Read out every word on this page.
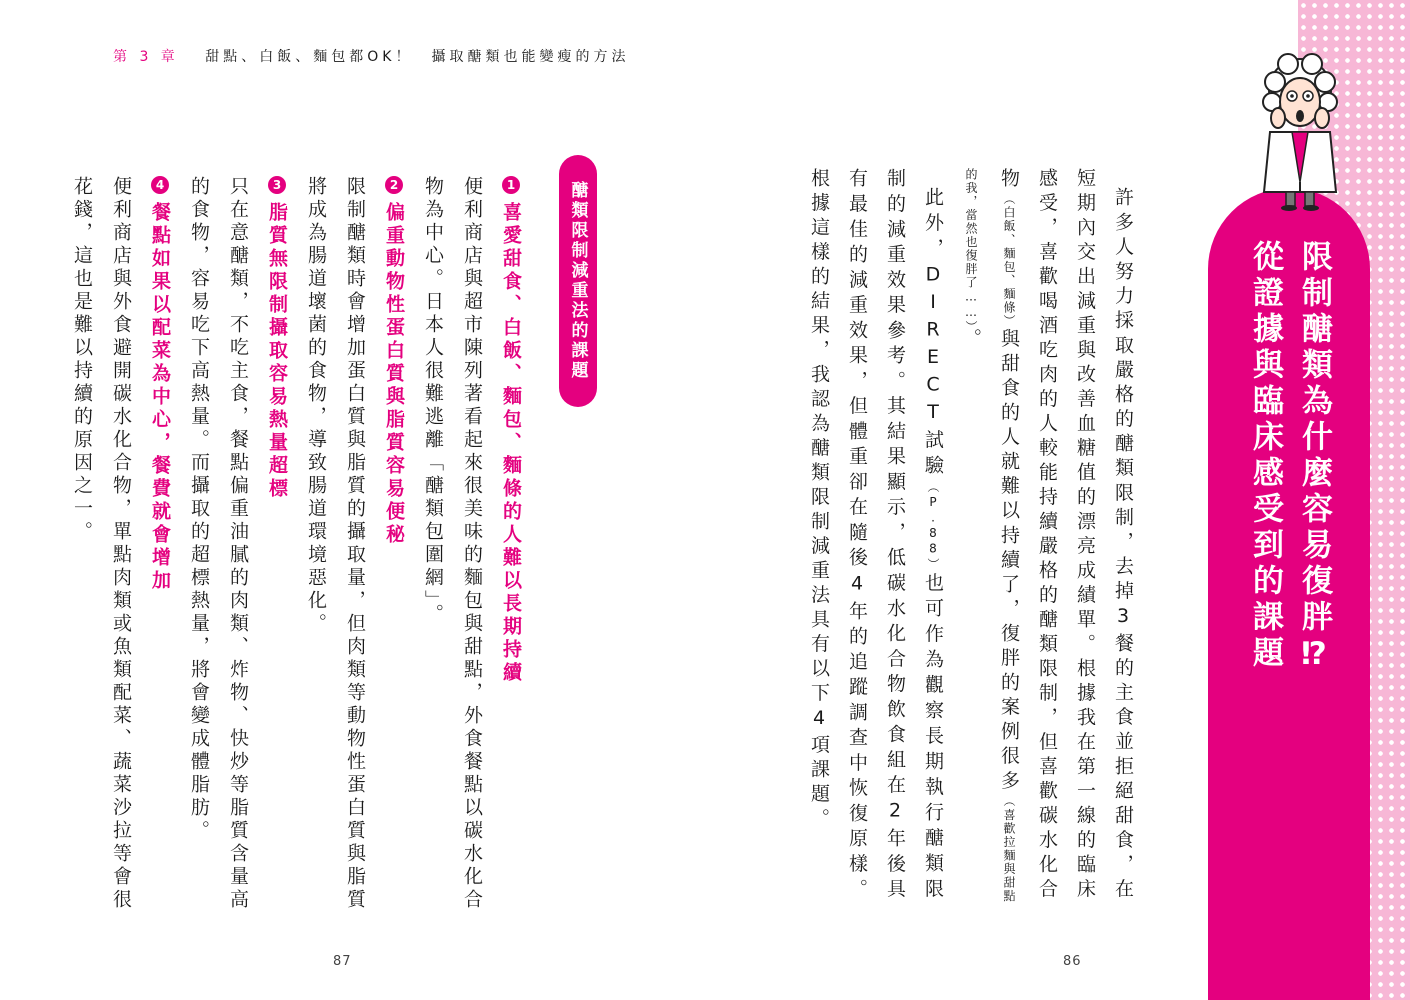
第 3 章 甜點、白飯、麵包都OK！　攝取醣類也能變瘦的方法
限制醣類為什麼容易復胖⁉
從證據與臨床感受到的課題

許多人努力採取嚴格的醣類限制，去掉3餐的主食並拒絕甜食，在短期內交出減重與改善血糖值的漂亮成績單。根據我在第一線的臨床感受，喜歡喝酒吃肉的人較能持續嚴格的醣類限制，但喜歡碳水化合物（白飯、麵包、麵條）與甜食的人就難以持續了，復胖的案例很多（喜歡拉麵與甜點的我，當然也復胖了……）。

此外，DIRECT試驗（P.88）也可作為觀察長期執行醣類限制的減重效果參考。其結果顯示，低碳水化合物飲食組在2年後具有最佳的減重效果，但體重卻在隨後4年的追蹤調查中恢復原樣。根據這樣的結果，我認為醣類限制減重法具有以下4項課題。

醣類限制減重法的課題
1喜愛甜食、白飯、麵包、麵條的人難以長期持續
便利商店與超市陳列著看起來很美味的麵包與甜點，外食餐點以碳水化合物為中心。日本人很難逃離「醣類包圍網」。
2偏重動物性蛋白質與脂質容易便秘
限制醣類時會增加蛋白質與脂質的攝取量，但肉類等動物性蛋白質與脂質將成為腸道壞菌的食物，導致腸道環境惡化。
3脂質無限制攝取容易熱量超標
只在意醣類，不吃主食，餐點偏重油膩的肉類、炸物、快炒等脂質含量高的食物，容易吃下高熱量。而攝取的超標熱量，將會變成體脂肪。
4餐點如果以配菜為中心，餐費就會增加
便利商店與外食避開碳水化合物，單點肉類或魚類配菜、蔬菜沙拉等會很花錢，這也是難以持續的原因之一。
87	86
